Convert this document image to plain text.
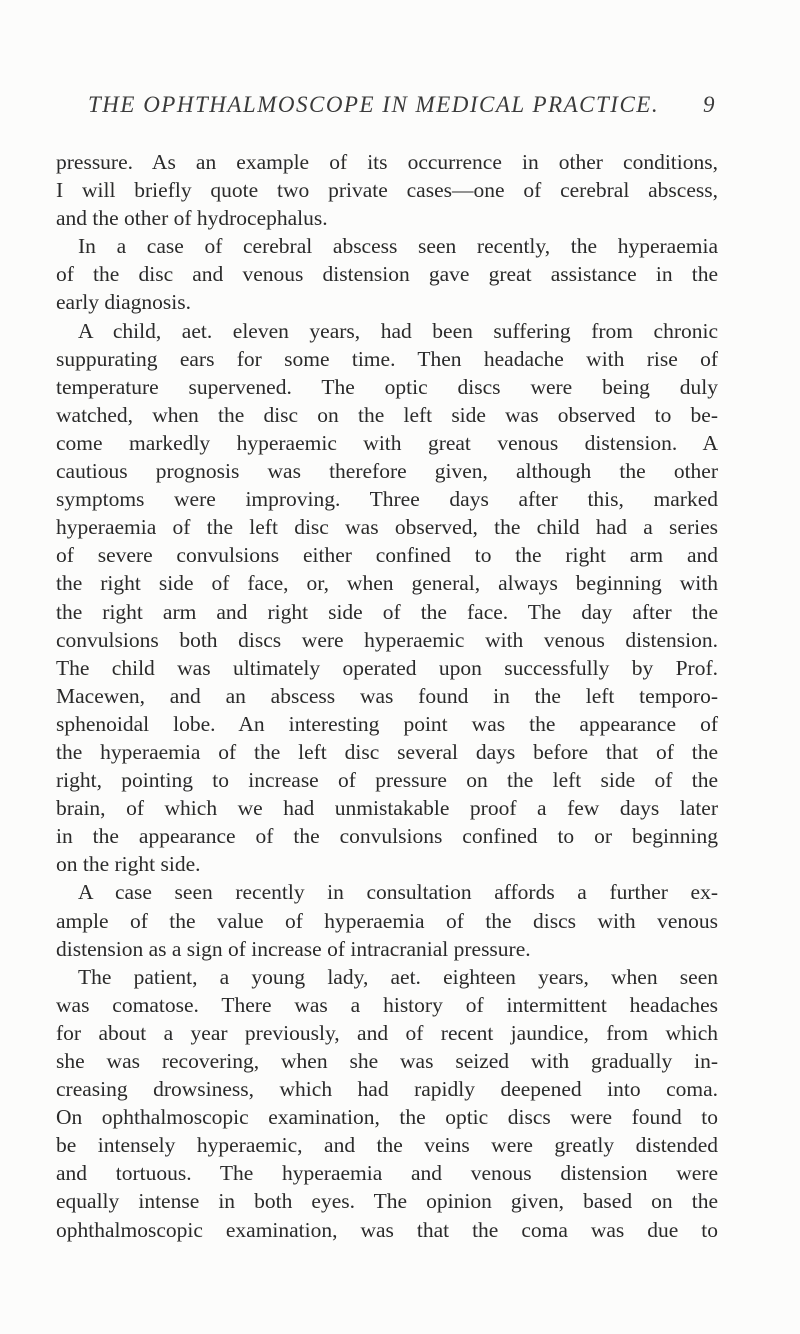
THE OPHTHALMOSCOPE IN MEDICAL PRACTICE. 9

pressure. As an example of its occurrence in other conditions,

I will briefly quote two private cases—one of cerebral abscess,

and the other of hydrocephalus.

In a case of cerebral abscess seen recently, the hyperaemia

of the disc and venous distension gave great assistance in the

early diagnosis.

A child, aet. eleven years, had been suffering from chronic

suppurating ears for some time. Then headache with rise of

temperature supervened. The optic discs were being duly

watched, when the disc on the left side was observed to be-

come markedly hyperaemic with great venous distension. A

cautious prognosis was therefore given, although the other

symptoms were improving. Three days after this, marked

hyperaemia of the left disc was observed, the child had a series

of severe convulsions either confined to the right arm and

the right side of face, or, when general, always beginning with

the right arm and right side of the face. The day after the

convulsions both discs were hyperaemic with venous distension.

The child was ultimately operated upon successfully by Prof.

Macewen, and an abscess was found in the left temporo-

sphenoidal lobe. An interesting point was the appearance of

the hyperaemia of the left disc several days before that of the

right, pointing to increase of pressure on the left side of the

brain, of which we had unmistakable proof a few days later

in the appearance of the convulsions confined to or beginning

on the right side.

A case seen recently in consultation affords a further ex-

ample of the value of hyperaemia of the discs with venous

distension as a sign of increase of intracranial pressure.

The patient, a young lady, aet. eighteen years, when seen

was comatose. There was a history of intermittent headaches

for about a year previously, and of recent jaundice, from which

she was recovering, when she was seized with gradually in-

creasing drowsiness, which had rapidly deepened into coma.

On ophthalmoscopic examination, the optic discs were found to

be intensely hyperaemic, and the veins were greatly distended

and tortuous. The hyperaemia and venous distension were

equally intense in both eyes. The opinion given, based on the

ophthalmoscopic examination, was that the coma was due to
